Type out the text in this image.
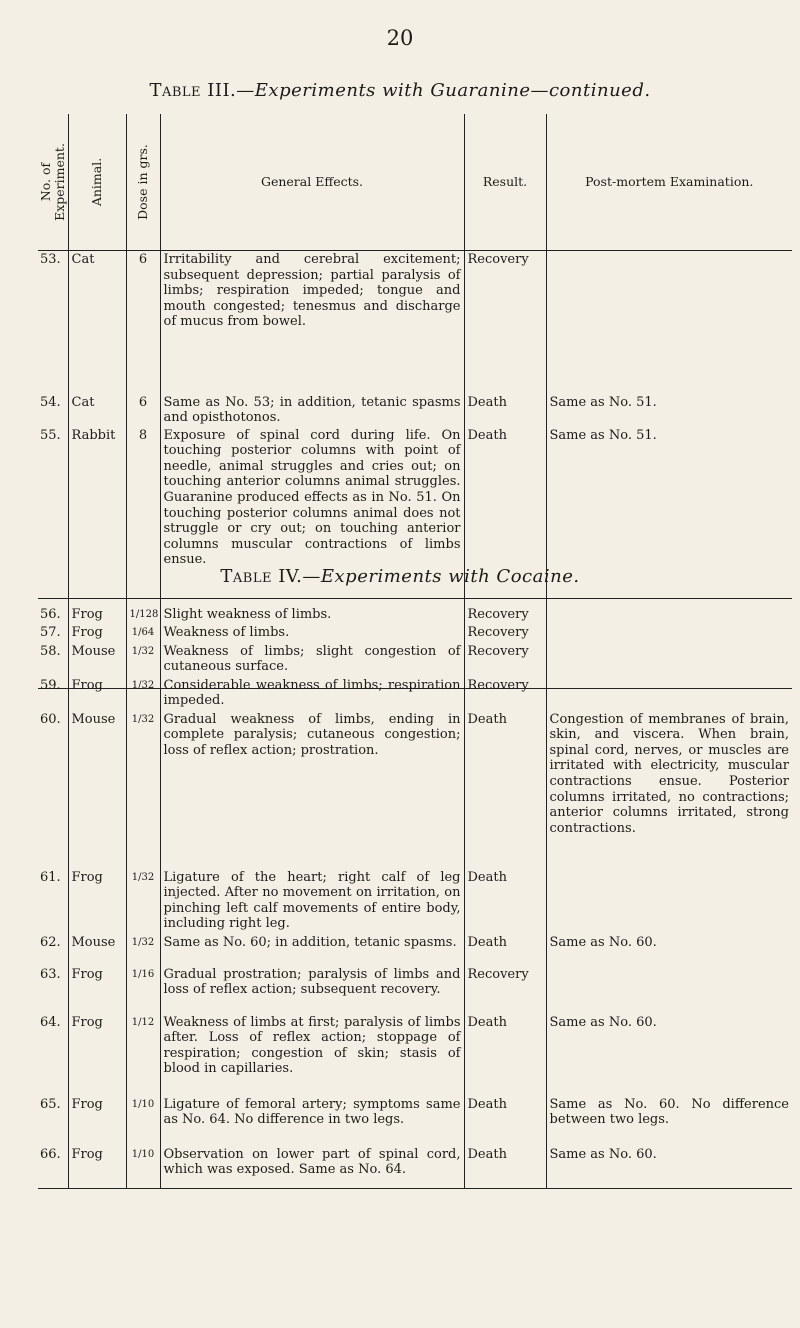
20
Table III.—Experiments with Guaranine—continued.
No. of
Experiment.	Animal.	Dose in grs.	General Effects.	Result.	Post-mortem Examination.
53.	Cat	6	Irritability and cerebral excitement; subsequent depression; partial paralysis of limbs; respiration impeded; tongue and mouth congested; tenesmus and discharge of mucus from bowel.	Recovery	
54.	Cat	6	Same as No. 53; in addition, tetanic spasms and opisthotonos.	Death	Same as No. 51.
55.	Rabbit	8	Exposure of spinal cord during life. On touching posterior columns with point of needle, animal struggles and cries out; on touching anterior columns animal struggles. Guaranine produced effects as in No. 51. On touching posterior columns animal does not struggle or cry out; on touching anterior columns muscular contractions of limbs ensue.	Death	Same as No. 51.
Table IV.—Experiments with Cocaine.
56.	Frog	1/128	Slight weakness of limbs.	Recovery	
57.	Frog	1/64	Weakness of limbs.	Recovery	
58.	Mouse	1/32	Weakness of limbs; slight congestion of cutaneous surface.	Recovery	
59.	Frog	1/32	Considerable weakness of limbs; respiration impeded.	Recovery	
60.	Mouse	1/32	Gradual weakness of limbs, ending in complete paralysis; cutaneous congestion; loss of reflex action; prostration.	Death	Congestion of membranes of brain, skin, and viscera. When brain, spinal cord, nerves, or muscles are irritated with electricity, muscular contractions ensue. Posterior columns irritated, no contractions; anterior columns irritated, strong contractions.
61.	Frog	1/32	Ligature of the heart; right calf of leg injected. After no movement on irritation, on pinching left calf movements of entire body, including right leg.	Death	
62.	Mouse	1/32	Same as No. 60; in addition, tetanic spasms.	Death	Same as No. 60.
63.	Frog	1/16	Gradual prostration; paralysis of limbs and loss of reflex action; subsequent recovery.	Recovery	
64.	Frog	1/12	Weakness of limbs at first; paralysis of limbs after. Loss of reflex action; stoppage of respiration; congestion of skin; stasis of blood in capillaries.	Death	Same as No. 60.
65.	Frog	1/10	Ligature of femoral artery; symptoms same as No. 64. No difference in two legs.	Death	Same as No. 60. No difference between two legs.
66.	Frog	1/10	Observation on lower part of spinal cord, which was exposed. Same as No. 64.	Death	Same as No. 60.
